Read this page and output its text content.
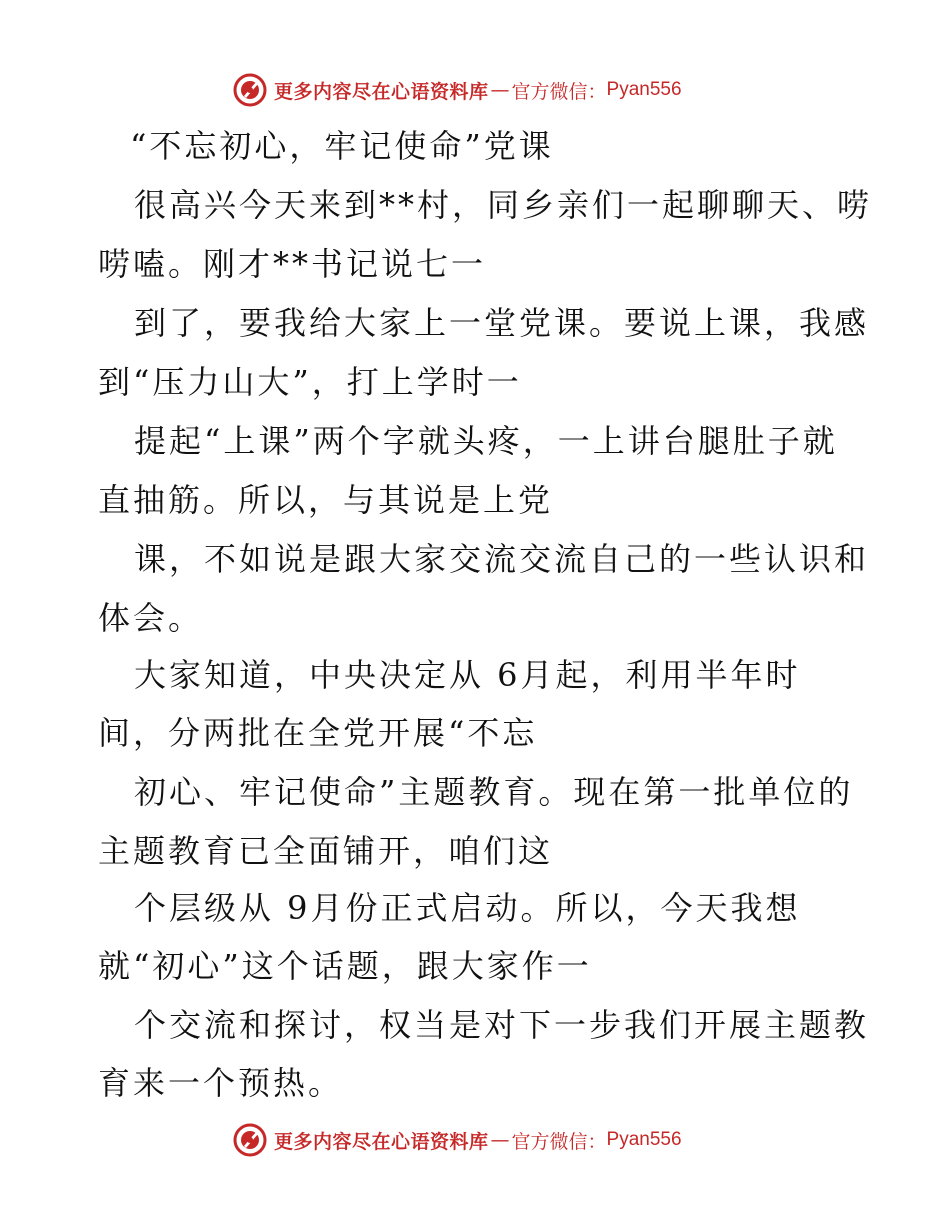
更多内容尽在心语资料库 — 官方微信： Pyan556
“不忘初心，牢记使命”党课
很高兴今天来到**村，同乡亲们一起聊聊天、唠
唠嗑。刚才**书记说七一
到了，要我给大家上一堂党课。要说上课，我感
到“压力山大”，打上学时一
提起“上课”两个字就头疼，一上讲台腿肚子就
直抽筋。所以，与其说是上党
课，不如说是跟大家交流交流自己的一些认识和
体会。
大家知道，中央决定从 6月起，利用半年时
间，分两批在全党开展“不忘
初心、牢记使命”主题教育。现在第一批单位的
主题教育已全面铺开，咱们这
个层级从 9月份正式启动。所以，今天我想
就“初心”这个话题，跟大家作一
个交流和探讨，权当是对下一步我们开展主题教
育来一个预热。
更多内容尽在心语资料库 — 官方微信： Pyan556
